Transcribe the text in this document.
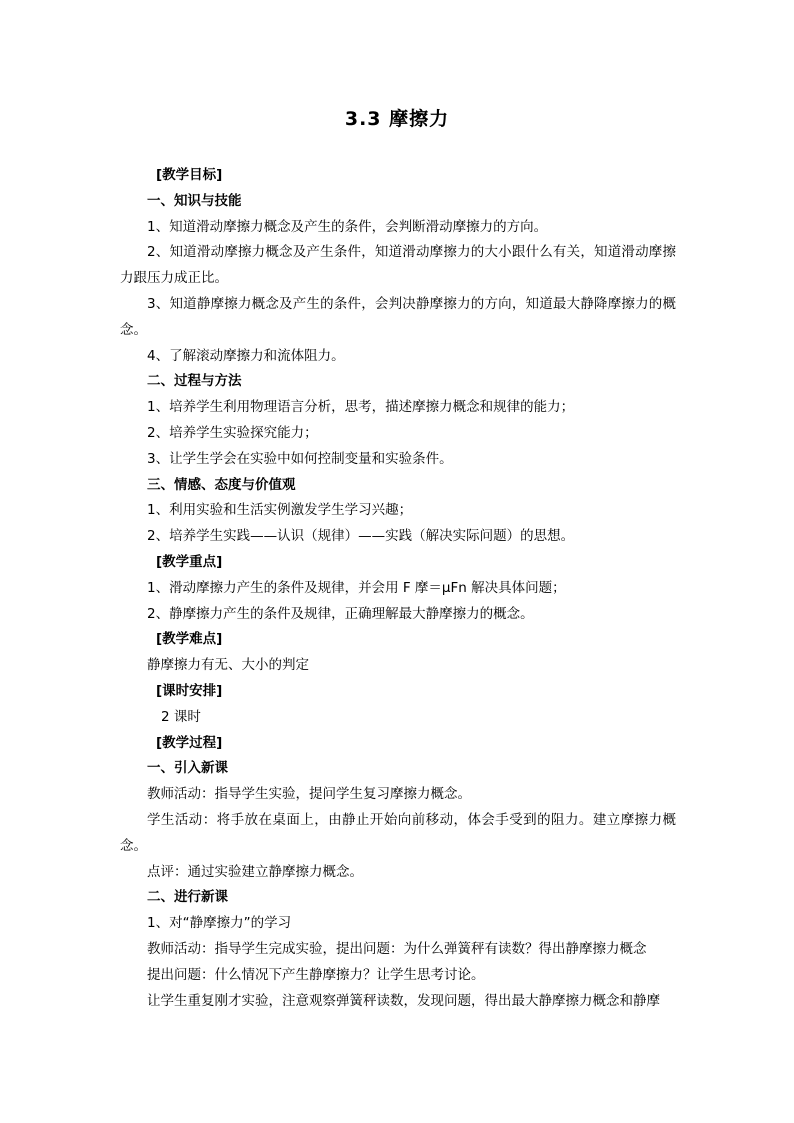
3.3 摩擦力
[教学目标]
一、知识与技能
1、知道滑动摩擦力概念及产生的条件，会判断滑动摩擦力的方向。
2、知道滑动摩擦力概念及产生条件，知道滑动摩擦力的大小跟什么有关，知道滑动摩擦力跟压力成正比。
3、知道静摩擦力概念及产生的条件，会判决静摩擦力的方向，知道最大静降摩擦力的概念。
4、了解滚动摩擦力和流体阻力。
二、过程与方法
1、培养学生利用物理语言分析，思考，描述摩擦力概念和规律的能力；
2、培养学生实验探究能力；
3、让学生学会在实验中如何控制变量和实验条件。
三、情感、态度与价值观
1、利用实验和生活实例激发学生学习兴趣；
2、培养学生实践——认识（规律）——实践（解决实际问题）的思想。
[教学重点]
1、滑动摩擦力产生的条件及规律，并会用 F 摩＝μFn 解决具体问题；
2、静摩擦力产生的条件及规律，正确理解最大静摩擦力的概念。
[教学难点]
静摩擦力有无、大小的判定
[课时安排]
2 课时
[教学过程]
一、引入新课
教师活动：指导学生实验，提问学生复习摩擦力概念。
学生活动：将手放在桌面上，由静止开始向前移动，体会手受到的阻力。建立摩擦力概念。
点评：通过实验建立静摩擦力概念。
二、进行新课
1、对“静摩擦力”的学习
教师活动：指导学生完成实验，提出问题：为什么弹簧秤有读数？得出静摩擦力概念
提出问题：什么情况下产生静摩擦力？让学生思考讨论。
让学生重复刚才实验，注意观察弹簧秤读数，发现问题，得出最大静摩擦力概念和静摩
